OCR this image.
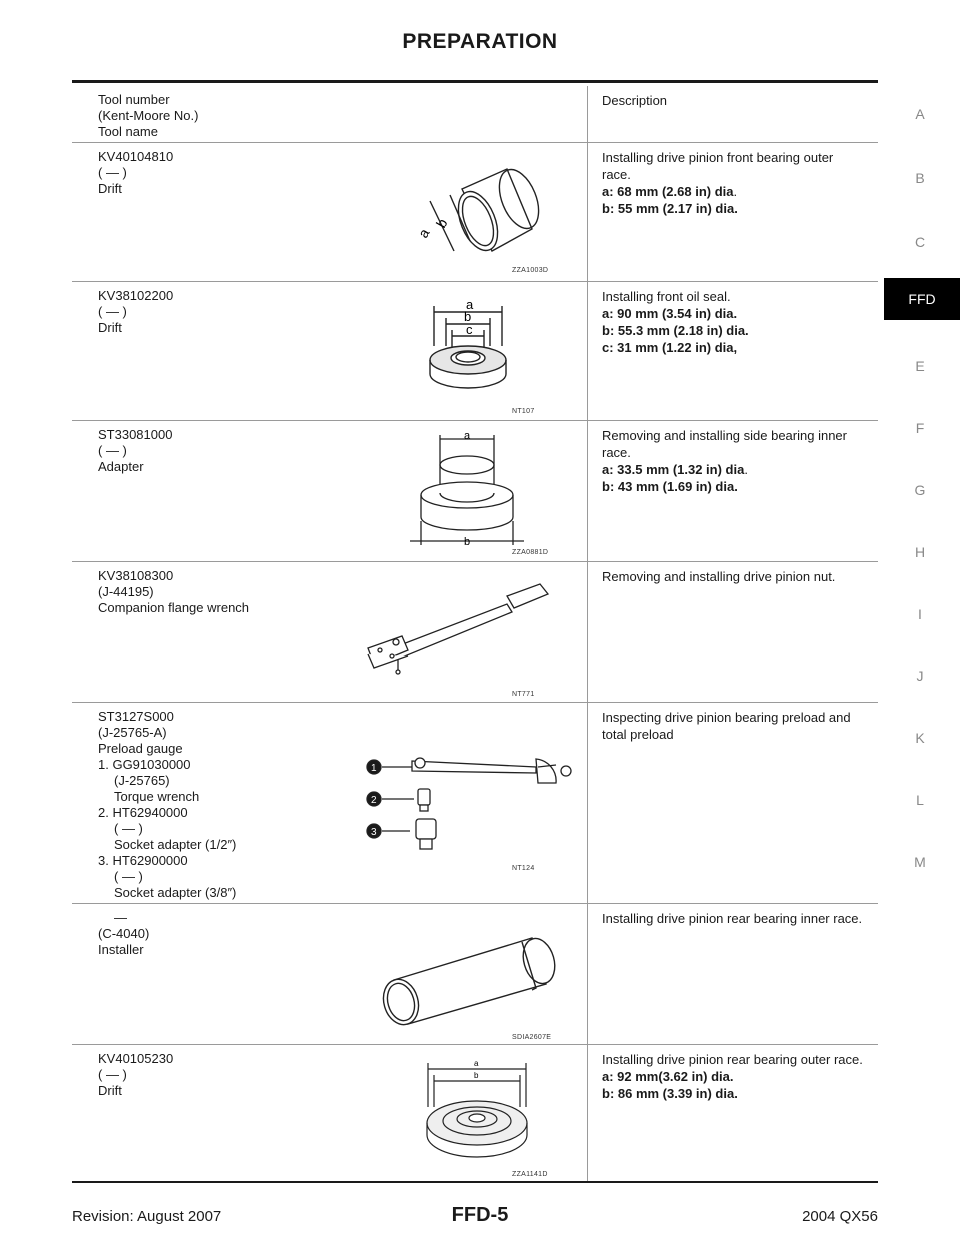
PREPARATION
Tool number
(Kent-Moore No.)
Tool name
Description
KV40104810
( — )
Drift
a
b
ZZA1003D
Installing drive pinion front bearing outer
race.
a: 68 mm (2.68 in) dia.
b: 55 mm (2.17 in) dia.
KV38102200
( — )
Drift
a
b
c
NT107
Installing front oil seal.
a: 90 mm (3.54 in) dia.
b: 55.3 mm (2.18 in) dia.
c: 31 mm (1.22 in) dia,
ST33081000
( — )
Adapter
a
b
ZZA0881D
Removing and installing side bearing inner
race.
a: 33.5 mm (1.32 in) dia.
b: 43 mm (1.69 in) dia.
KV38108300
(J-44195)
Companion flange wrench
NT771
Removing and installing drive pinion nut.
ST3127S000
(J-25765-A)
Preload gauge
1. GG91030000
(J-25765)
Torque wrench
2. HT62940000
( — )
Socket adapter (1/2″)
3. HT62900000
( — )
Socket adapter (3/8″)
1
2
3
NT124
Inspecting drive pinion bearing preload and
total preload
—
(C-4040)
Installer
SDIA2607E
Installing drive pinion rear bearing inner race.
KV40105230
( — )
Drift
a
b
ZZA1141D
Installing drive pinion rear bearing outer race.
a: 92 mm(3.62 in) dia.
b: 86 mm (3.39 in) dia.
A
B
C
FFD
E
F
G
H
I
J
K
L
M
Revision: August 2007	FFD-5	2004 QX56
